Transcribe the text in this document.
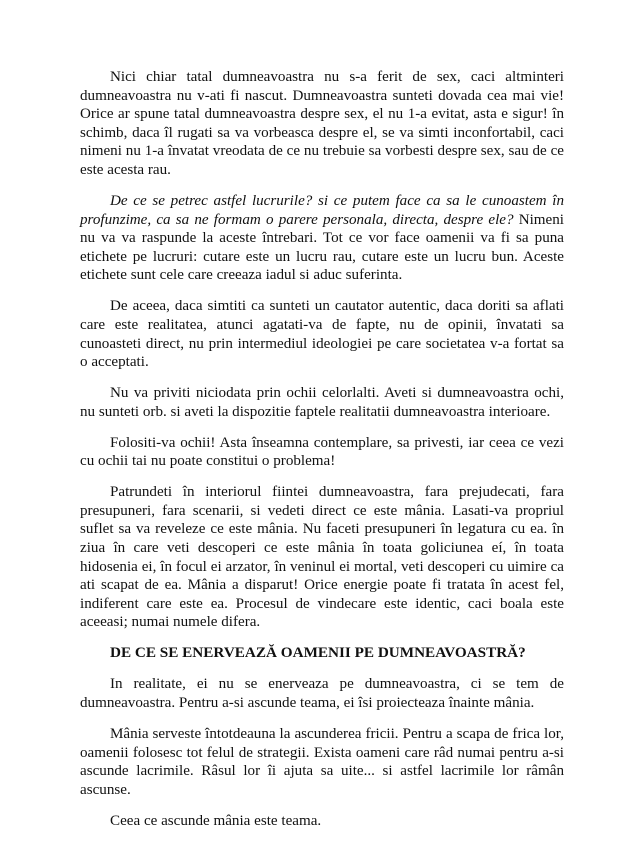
Nici chiar tatal dumneavoastra nu s-a ferit de sex, caci altminteri dumneavoastra nu v-ati fi nascut. Dumneavoastra sunteti dovada cea mai vie! Orice ar spune tatal dumneavoastra despre sex, el nu 1-a evitat, asta e sigur! în schimb, daca îl rugati sa va vorbeasca despre el, se va simti inconfortabil, caci nimeni nu 1-a învatat vreodata de ce nu trebuie sa vorbesti despre sex, sau de ce este acesta rau.

De ce se petrec astfel lucrurile? si ce putem face ca sa le cunoastem în profunzime, ca sa ne formam o parere personala, directa, despre ele? Nimeni nu va va raspunde la aceste întrebari. Tot ce vor face oamenii va fi sa puna etichete pe lucruri: cutare este un lucru rau, cutare este un lucru bun. Aceste etichete sunt cele care creeaza iadul si aduc suferinta.

De aceea, daca simtiti ca sunteti un cautator autentic, daca doriti sa aflati care este realitatea, atunci agatati-va de fapte, nu de opinii, învatati sa cunoasteti direct, nu prin intermediul ideologiei pe care societatea v-a fortat sa o acceptati.

Nu va priviti niciodata prin ochii celorlalti. Aveti si dumneavoastra ochi, nu sunteti orb. si aveti la dispozitie faptele realitatii dumneavoastra interioare.

Folositi-va ochii! Asta înseamna contemplare, sa privesti, iar ceea ce vezi cu ochii tai nu poate constitui o problema!

Patrundeti în interiorul fiintei dumneavoastra, fara prejudecati, fara presupuneri, fara scenarii, si vedeti direct ce este mânia. Lasati-va propriul suflet sa va reveleze ce este mânia. Nu faceti presupuneri în legatura cu ea. în ziua în care veti descoperi ce este mânia în toata goliciunea eí, în toata hidosenia ei, în focul ei arzator, în veninul ei mortal, veti descoperi cu uimire ca ati scapat de ea. Mânia a disparut! Orice energie poate fi tratata în acest fel, indiferent care este ea. Procesul de vindecare este identic, caci boala este aceeasi; numai numele difera.

DE CE SE ENERVEAZĂ OAMENII PE DUMNEAVOASTRĂ?

In realitate, ei nu se enerveaza pe dumneavoastra, ci se tem de dumneavoastra. Pentru a-si ascunde teama, ei îsi proiecteaza înainte mânia.

Mânia serveste întotdeauna la ascunderea fricii. Pentru a scapa de frica lor, oamenii folosesc tot felul de strategii. Exista oameni care râd numai pentru a-si ascunde lacrimile. Râsul lor îi ajuta sa uite... si astfel lacrimile lor râmân ascunse.

Ceea ce ascunde mânia este teama.
